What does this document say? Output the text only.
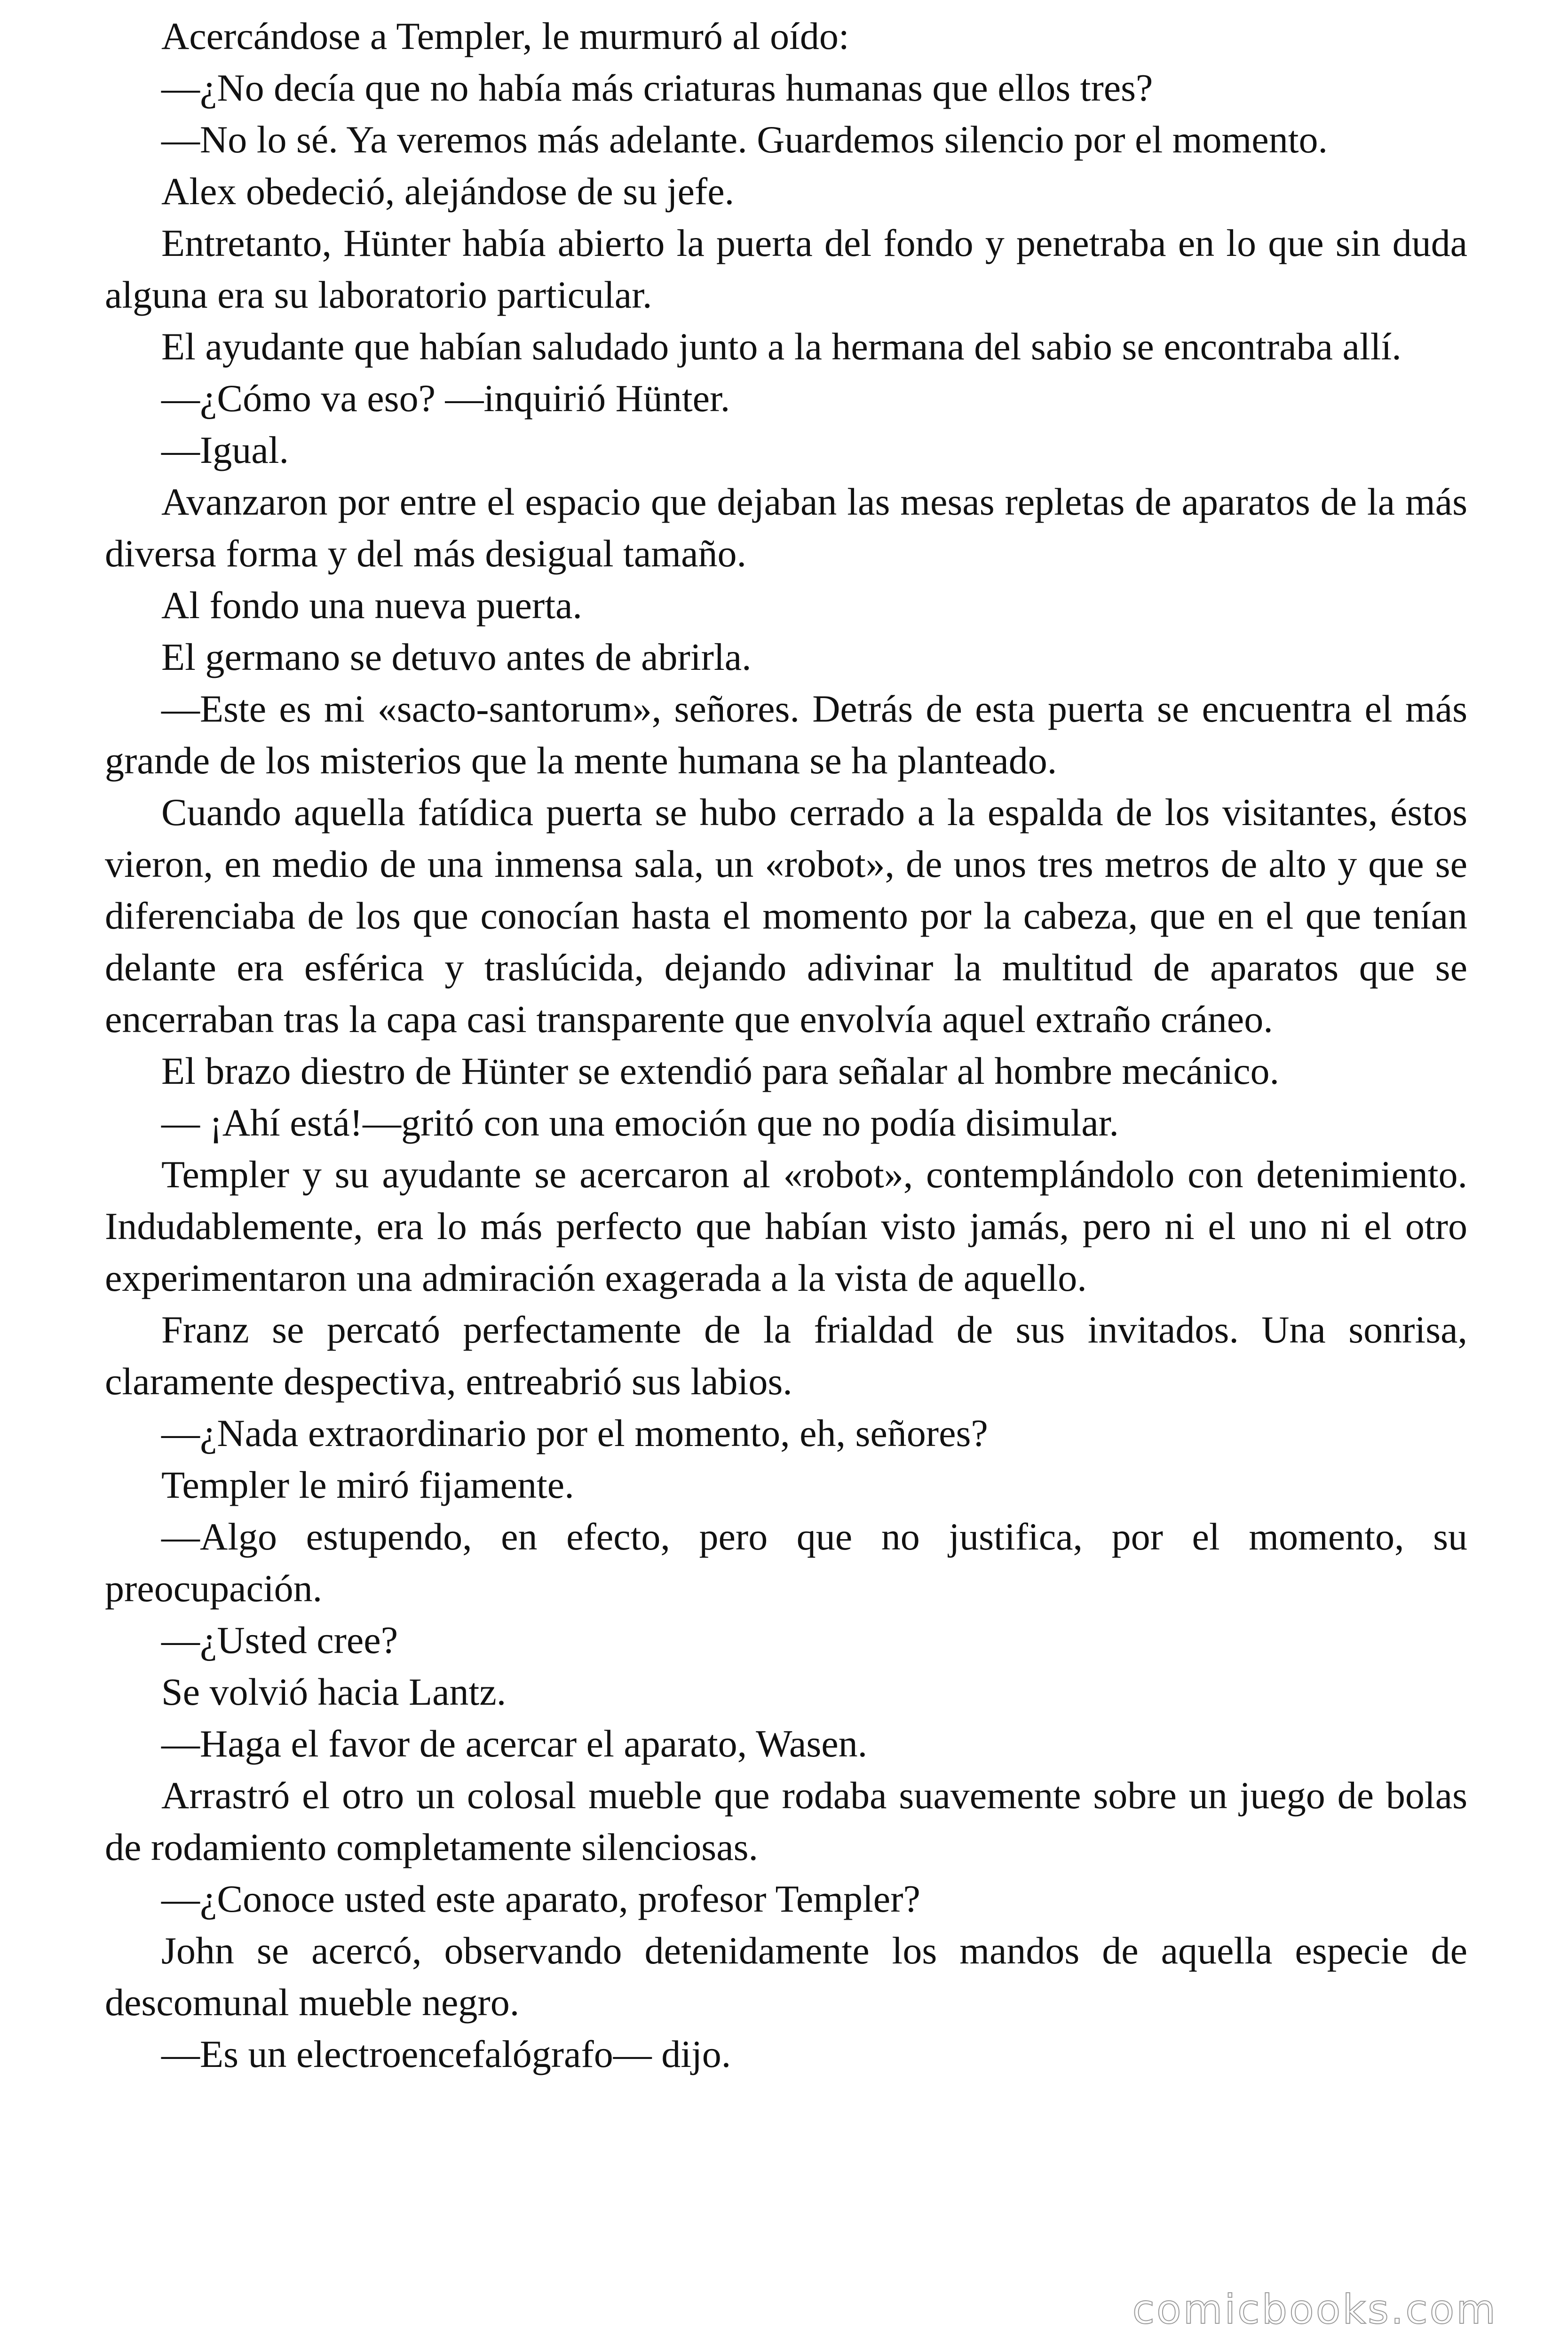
Acercándose a Templer, le murmuró al oído:

—¿No decía que no había más criaturas humanas que ellos tres?

—No lo sé. Ya veremos más adelante. Guardemos silencio por el momento.

Alex obedeció, alejándose de su jefe.

Entretanto, Hünter había abierto la puerta del fondo y penetraba en lo que sin duda alguna era su laboratorio particular.

El ayudante que habían saludado junto a la hermana del sabio se encontraba allí.

—¿Cómo va eso? —inquirió Hünter.

—Igual.

Avanzaron por entre el espacio que dejaban las mesas repletas de aparatos de la más diversa forma y del más desigual tamaño.

Al fondo una nueva puerta.

El germano se detuvo antes de abrirla.

—Este es mi «sacto-santorum», señores. Detrás de esta puerta se encuentra el más grande de los misterios que la mente humana se ha planteado.

Cuando aquella fatídica puerta se hubo cerrado a la espalda de los visitantes, éstos vieron, en medio de una inmensa sala, un «robot», de unos tres metros de alto y que se diferenciaba de los que conocían hasta el momento por la cabeza, que en el que tenían delante era esférica y traslúcida, dejando adivinar la multitud de aparatos que se encerraban tras la capa casi transparente que envolvía aquel extraño cráneo.

El brazo diestro de Hünter se extendió para señalar al hombre mecánico.

— ¡Ahí está!—gritó con una emoción que no podía disimular.

Templer y su ayudante se acercaron al «robot», contemplándolo con detenimiento. Indudablemente, era lo más perfecto que habían visto jamás, pero ni el uno ni el otro experimentaron una admiración exagerada a la vista de aquello.

Franz se percató perfectamente de la frialdad de sus invitados. Una sonrisa, claramente despectiva, entreabrió sus labios.

—¿Nada extraordinario por el momento, eh, señores?

Templer le miró fijamente.

—Algo estupendo, en efecto, pero que no justifica, por el momento, su preocupación.

—¿Usted cree?

Se volvió hacia Lantz.

—Haga el favor de acercar el aparato, Wasen.

Arrastró el otro un colosal mueble que rodaba suavemente sobre un juego de bolas de rodamiento completamente silenciosas.

—¿Conoce usted este aparato, profesor Templer?

John se acercó, observando detenidamente los mandos de aquella especie de descomunal mueble negro.

—Es un electroencefalógrafo— dijo.

comicbooks.com
